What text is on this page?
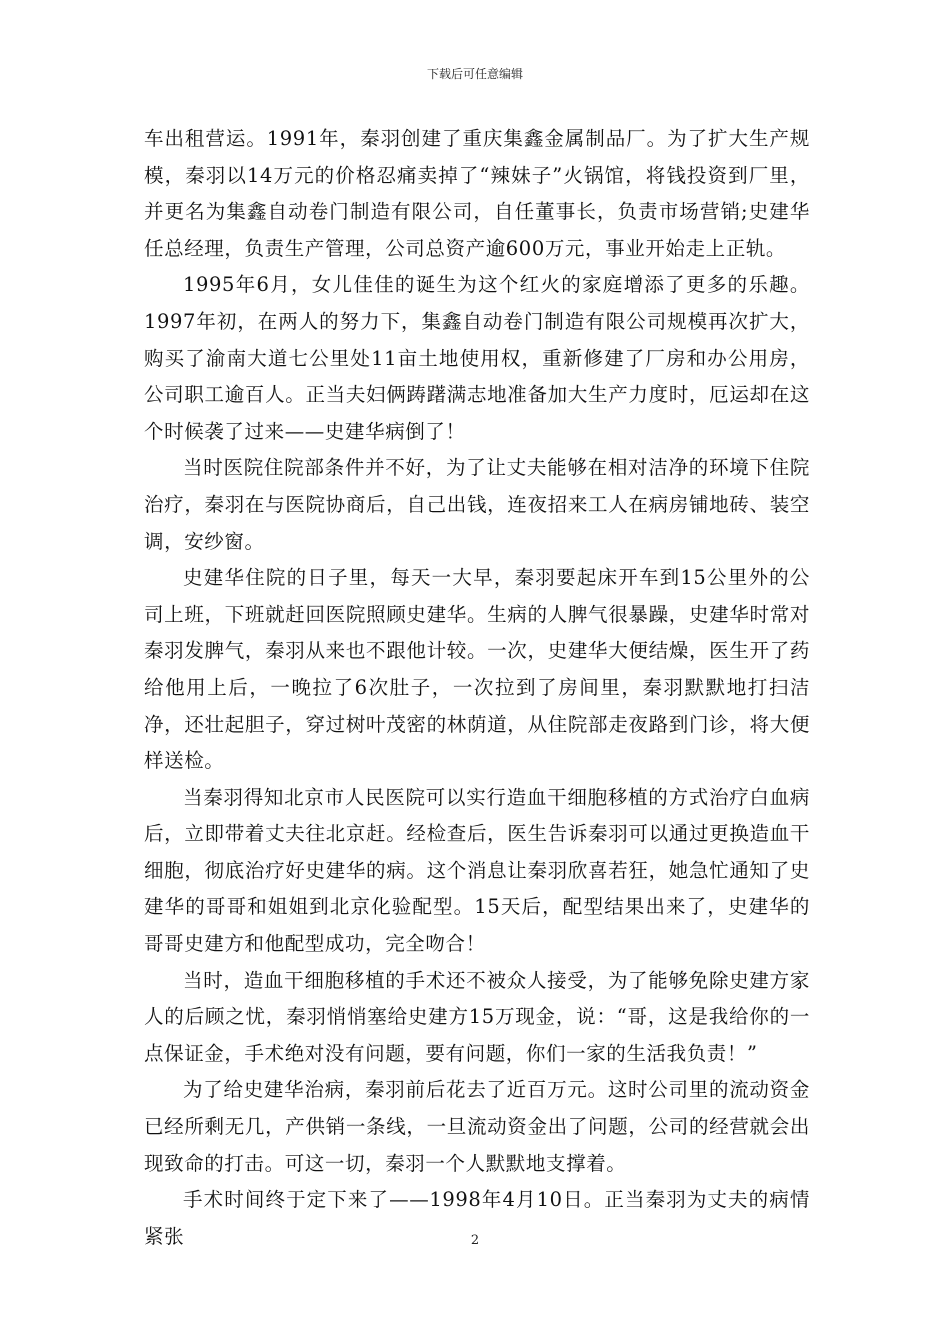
下载后可任意编辑

车出租营运。1991年，秦羽创建了重庆集鑫金属制品厂。为了扩大生产规模，秦羽以14万元的价格忍痛卖掉了“辣妹子”火锅馆，将钱投资到厂里，并更名为集鑫自动卷门制造有限公司，自任董事长，负责市场营销;史建华任总经理，负责生产管理，公司总资产逾600万元，事业开始走上正轨。

1995年6月，女儿佳佳的诞生为这个红火的家庭增添了更多的乐趣。1997年初，在两人的努力下，集鑫自动卷门制造有限公司规模再次扩大，购买了渝南大道七公里处11亩土地使用权，重新修建了厂房和办公用房，公司职工逾百人。正当夫妇俩踌躇满志地准备加大生产力度时，厄运却在这个时候袭了过来——史建华病倒了！

当时医院住院部条件并不好，为了让丈夫能够在相对洁净的环境下住院治疗，秦羽在与医院协商后，自己出钱，连夜招来工人在病房铺地砖、装空调，安纱窗。

史建华住院的日子里，每天一大早，秦羽要起床开车到15公里外的公司上班，下班就赶回医院照顾史建华。生病的人脾气很暴躁，史建华时常对秦羽发脾气，秦羽从来也不跟他计较。一次，史建华大便结燥，医生开了药给他用上后，一晚拉了6次肚子，一次拉到了房间里，秦羽默默地打扫洁净，还壮起胆子，穿过树叶茂密的林荫道，从住院部走夜路到门诊，将大便样送检。

当秦羽得知北京市人民医院可以实行造血干细胞移植的方式治疗白血病后，立即带着丈夫往北京赶。经检查后，医生告诉秦羽可以通过更换造血干细胞，彻底治疗好史建华的病。这个消息让秦羽欣喜若狂，她急忙通知了史建华的哥哥和姐姐到北京化验配型。15天后，配型结果出来了，史建华的哥哥史建方和他配型成功，完全吻合！

当时，造血干细胞移植的手术还不被众人接受，为了能够免除史建方家人的后顾之忧，秦羽悄悄塞给史建方15万现金，说：“哥，这是我给你的一点保证金，手术绝对没有问题，要有问题，你们一家的生活我负责！”

为了给史建华治病，秦羽前后花去了近百万元。这时公司里的流动资金已经所剩无几，产供销一条线，一旦流动资金出了问题，公司的经营就会出现致命的打击。可这一切，秦羽一个人默默地支撑着。

手术时间终于定下来了——1998年4月10日。正当秦羽为丈夫的病情紧张	2
